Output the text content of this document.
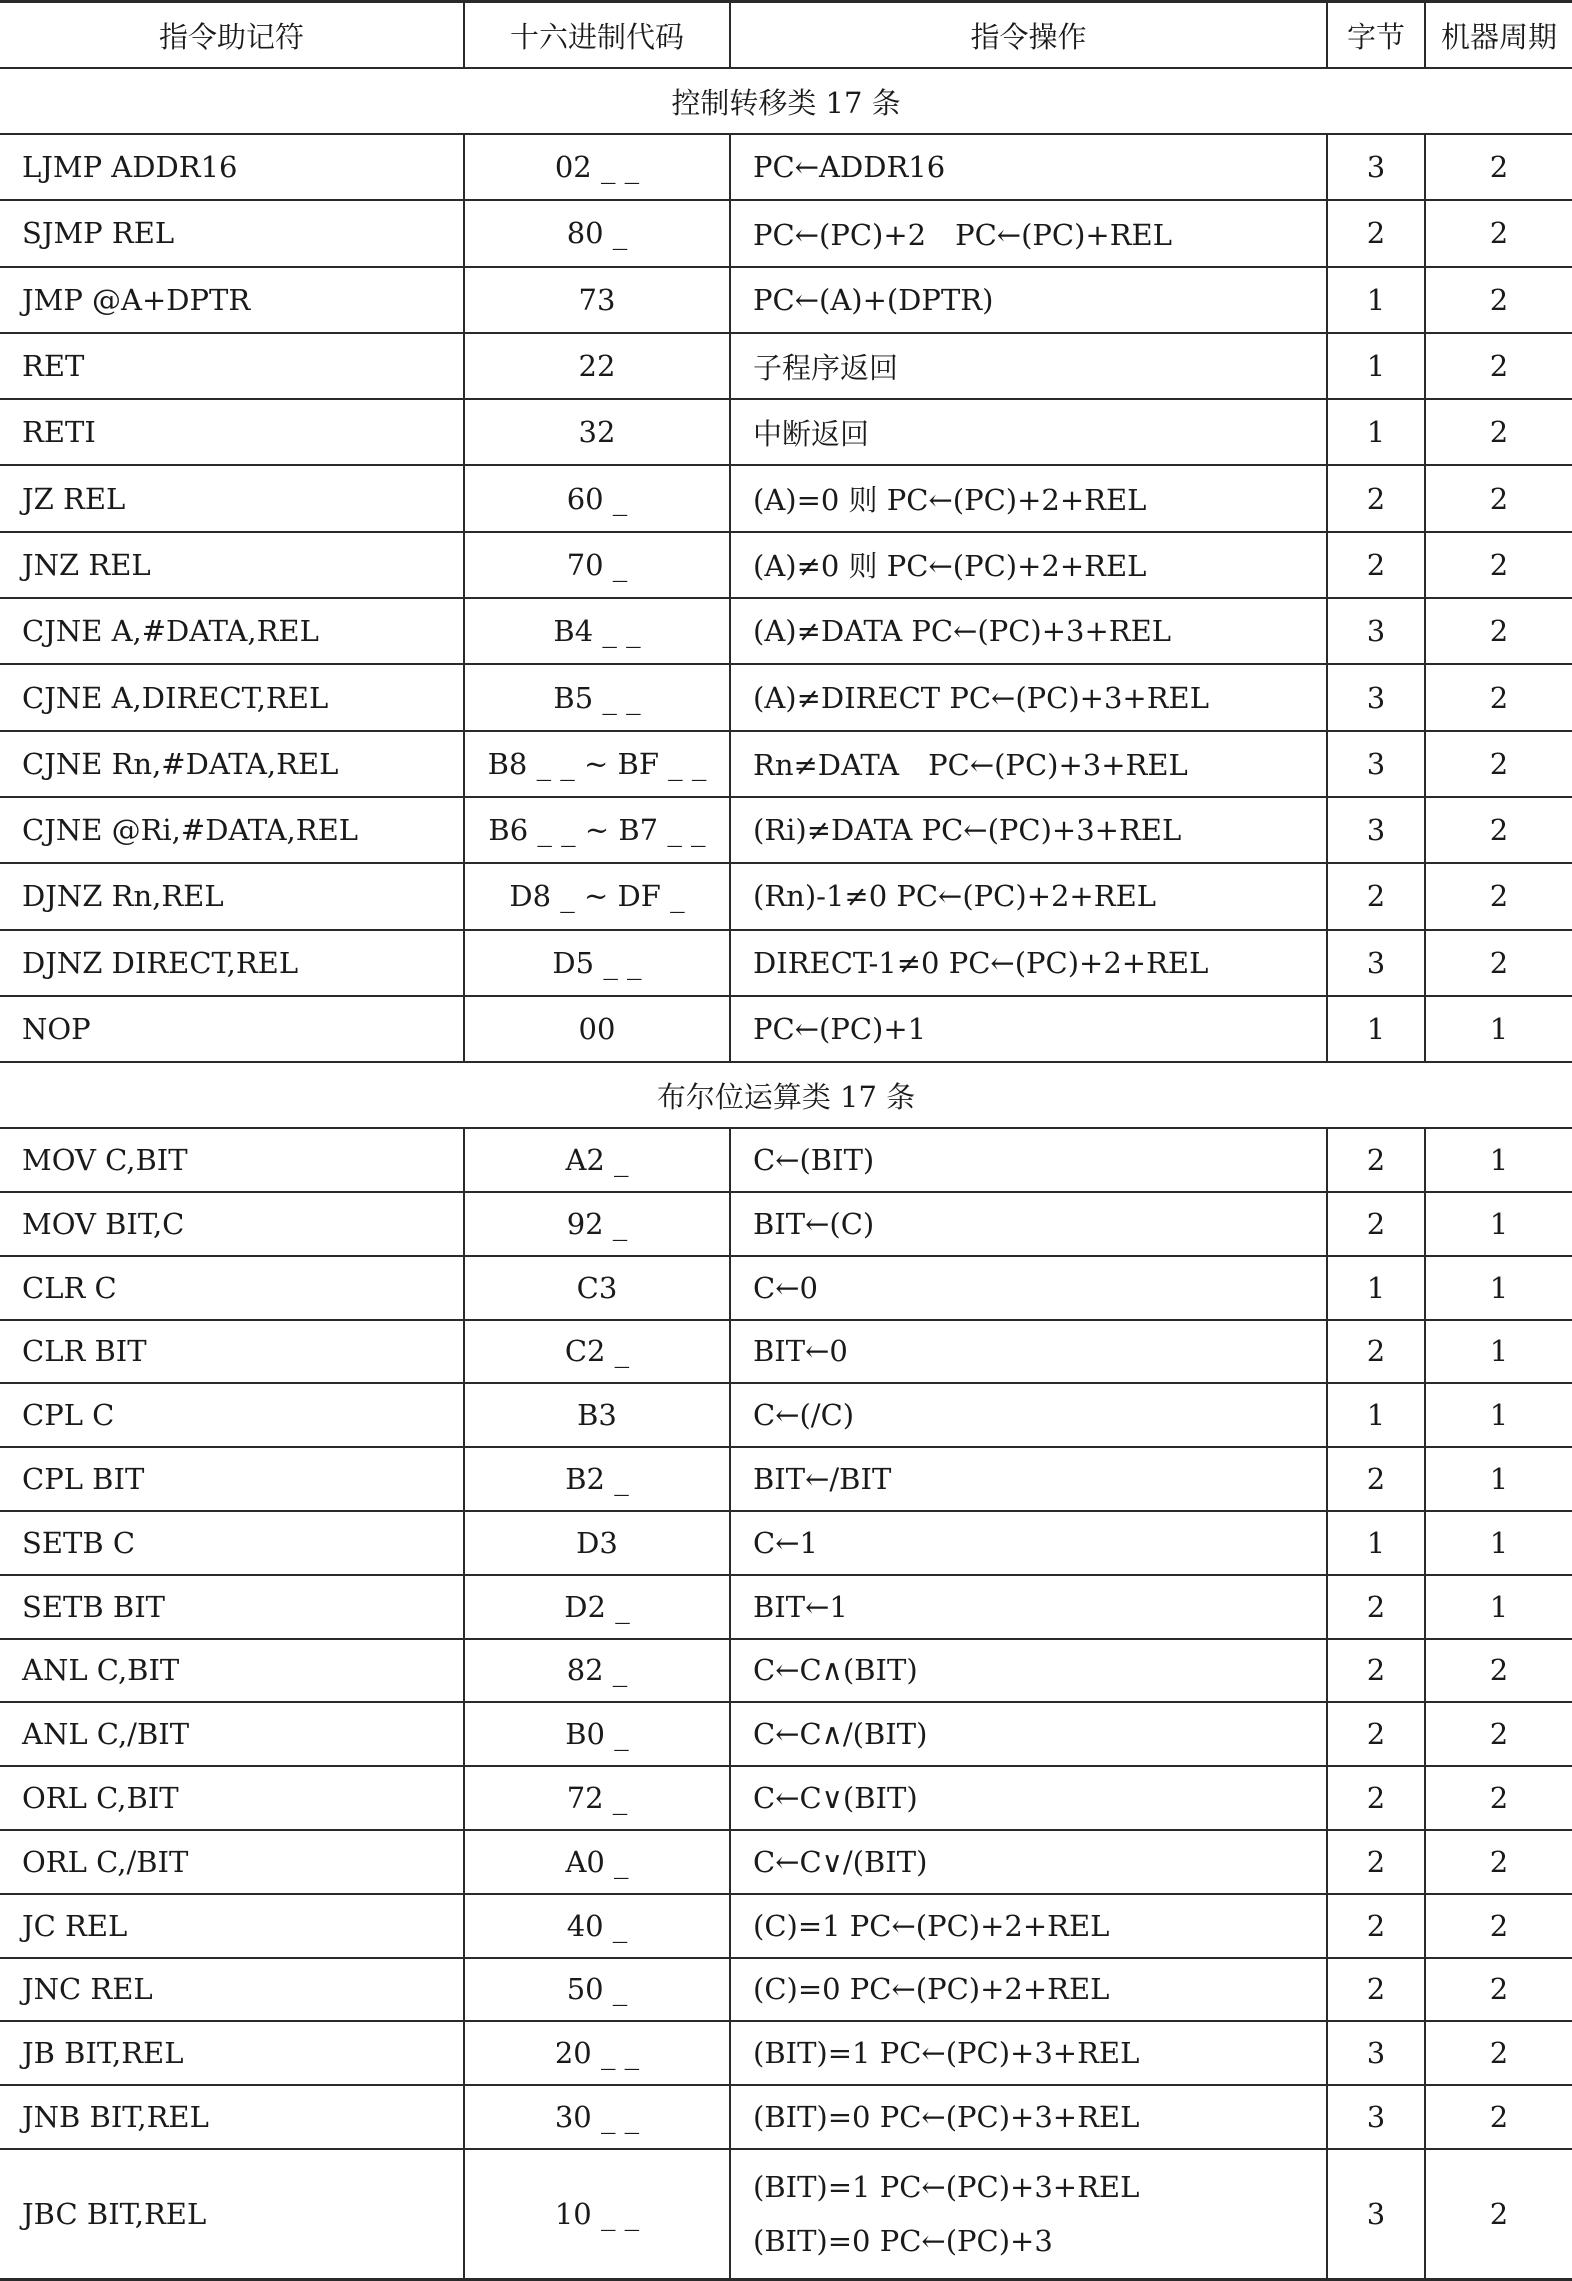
指令助记符	十六进制代码	指令操作	字节	机器周期
控制转移类 17 条				
LJMP ADDR16	02 _ _	PC←ADDR16	3	2
SJMP REL	80 _	PC←(PC)+2　PC←(PC)+REL	2	2
JMP @A+DPTR	73	PC←(A)+(DPTR)	1	2
RET	22	子程序返回	1	2
RETI	32	中断返回	1	2
JZ REL	60 _	(A)=0 则 PC←(PC)+2+REL	2	2
JNZ REL	70 _	(A)≠0 则 PC←(PC)+2+REL	2	2
CJNE A,#DATA,REL	B4 _ _	(A)≠DATA PC←(PC)+3+REL	3	2
CJNE A,DIRECT,REL	B5 _ _	(A)≠DIRECT PC←(PC)+3+REL	3	2
CJNE Rn,#DATA,REL	B8 _ _ ~ BF _ _	Rn≠DATA　PC←(PC)+3+REL	3	2
CJNE @Ri,#DATA,REL	B6 _ _ ~ B7 _ _	(Ri)≠DATA PC←(PC)+3+REL	3	2
DJNZ Rn,REL	D8 _ ~ DF _	(Rn)-1≠0 PC←(PC)+2+REL	2	2
DJNZ DIRECT,REL	D5 _ _	DIRECT-1≠0 PC←(PC)+2+REL	3	2
NOP	00	PC←(PC)+1	1	1
布尔位运算类 17 条				
MOV C,BIT	A2 _	C←(BIT)	2	1
MOV BIT,C	92 _	BIT←(C)	2	1
CLR C	C3	C←0	1	1
CLR BIT	C2 _	BIT←0	2	1
CPL C	B3	C←(/C)	1	1
CPL BIT	B2 _	BIT←/BIT	2	1
SETB C	D3	C←1	1	1
SETB BIT	D2 _	BIT←1	2	1
ANL C,BIT	82 _	C←C∧(BIT)	2	2
ANL C,/BIT	B0 _	C←C∧/(BIT)	2	2
ORL C,BIT	72 _	C←C∨(BIT)	2	2
ORL C,/BIT	A0 _	C←C∨/(BIT)	2	2
JC REL	40 _	(C)=1 PC←(PC)+2+REL	2	2
JNC REL	50 _	(C)=0 PC←(PC)+2+REL	2	2
JB BIT,REL	20 _ _	(BIT)=1 PC←(PC)+3+REL	3	2
JNB BIT,REL	30 _ _	(BIT)=0 PC←(PC)+3+REL	3	2
JBC BIT,REL	10 _ _	(BIT)=1 PC←(PC)+3+REL
(BIT)=0 PC←(PC)+3	3	2
